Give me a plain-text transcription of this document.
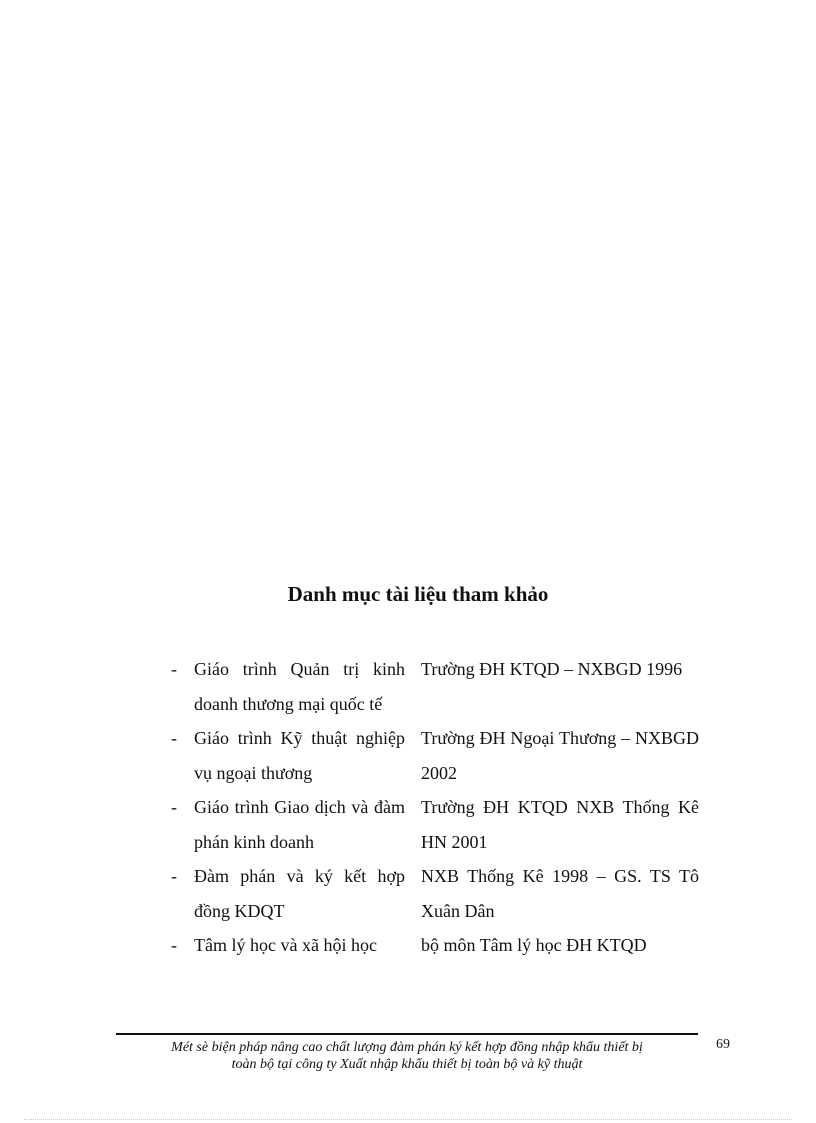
Danh mục tài liệu tham khảo
- Giáo trình Quản trị kinh doanh thương mại quốc tế
Trường ĐH KTQD – NXBGD 1996
- Giáo trình Kỹ thuật nghiệp vụ ngoại thương
Trường ĐH Ngoại Thương – NXBGD 2002
- Giáo trình Giao dịch và đàm phán kinh doanh
Trường ĐH KTQD NXB Thống Kê HN 2001
- Đàm phán và ký kết hợp đồng KDQT
NXB Thống Kê 1998 – GS. TS Tô Xuân Dân
- Tâm lý học và xã hội học	bộ môn Tâm lý học ĐH KTQD
Mét sè biện pháp nâng cao chất lượng đàm phán ký kết hợp đồng nhập khẩu thiết bị
toàn bộ tại công ty Xuất nhập khẩu thiết bị toàn bộ và kỹ thuật
69
